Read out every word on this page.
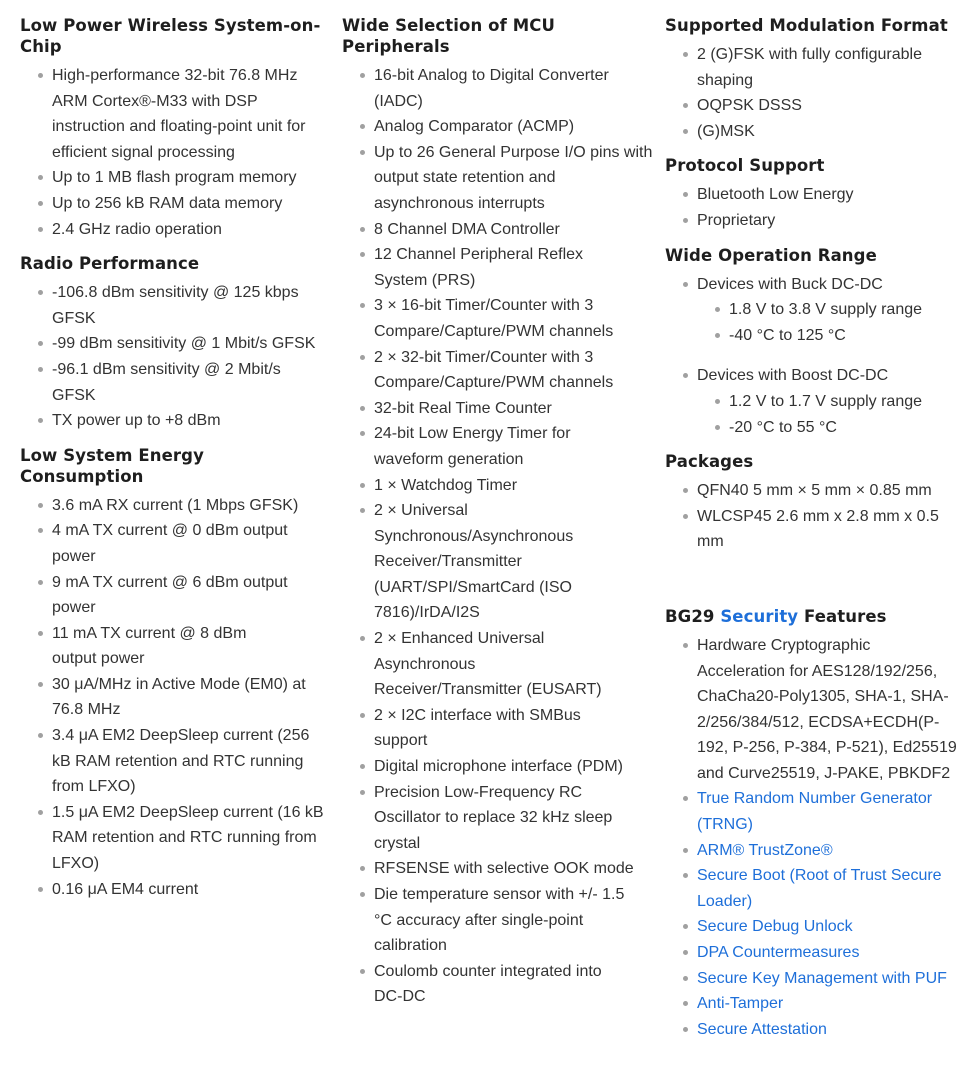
Low Power Wireless System-on-Chip
High-performance 32-bit 76.8 MHz ARM Cortex®-M33 with DSP instruction and floating-point unit for efficient signal processing
Up to 1 MB flash program memory
Up to 256 kB RAM data memory
2.4 GHz radio operation
Radio Performance
-106.8 dBm sensitivity @ 125 kbps GFSK
-99 dBm sensitivity @ 1 Mbit/s GFSK
-96.1 dBm sensitivity @ 2 Mbit/s GFSK
TX power up to +8 dBm
Low System Energy Consumption
3.6 mA RX current (1 Mbps GFSK)
4 mA TX current @ 0 dBm output power
9 mA TX current @ 6 dBm output power
11 mA TX current @ 8 dBm output power
30 μA/MHz in Active Mode (EM0) at 76.8 MHz
3.4 μA EM2 DeepSleep current (256 kB RAM retention and RTC running from LFXO)
1.5 μA EM2 DeepSleep current (16 kB RAM retention and RTC running from LFXO)
0.16 μA EM4 current
Wide Selection of MCU Peripherals
16-bit Analog to Digital Converter (IADC)
Analog Comparator (ACMP)
Up to 26 General Purpose I/O pins with output state retention and asynchronous interrupts
8 Channel DMA Controller
12 Channel Peripheral Reflex System (PRS)
3 × 16-bit Timer/Counter with 3 Compare/Capture/PWM channels
2 × 32-bit Timer/Counter with 3 Compare/Capture/PWM channels
32-bit Real Time Counter
24-bit Low Energy Timer for waveform generation
1 × Watchdog Timer
2 × Universal Synchronous/Asynchronous Receiver/Transmitter (UART/SPI/SmartCard (ISO 7816)/IrDA/I2S
2 × Enhanced Universal Asynchronous Receiver/Transmitter (EUSART)
2 × I2C interface with SMBus support
Digital microphone interface (PDM)
Precision Low-Frequency RC Oscillator to replace 32 kHz sleep crystal
RFSENSE with selective OOK mode
Die temperature sensor with +/- 1.5 °C accuracy after single-point calibration
Coulomb counter integrated into DC-DC
Supported Modulation Format
2 (G)FSK with fully configurable shaping
OQPSK DSSS
(G)MSK
Protocol Support
Bluetooth Low Energy
Proprietary
Wide Operation Range
Devices with Buck DC-DC
1.8 V to 3.8 V supply range
-40 °C to 125 °C
Devices with Boost DC-DC
1.2 V to 1.7 V supply range
-20 °C to 55 °C
Packages
QFN40 5 mm × 5 mm × 0.85 mm
WLCSP45 2.6 mm x 2.8 mm x 0.5 mm
BG29 Security Features
Hardware Cryptographic Acceleration for AES128/192/256, ChaCha20-Poly1305, SHA-1, SHA-2/256/384/512, ECDSA+ECDH(P-192, P-256, P-384, P-521), Ed25519 and Curve25519, J-PAKE, PBKDF2
True Random Number Generator (TRNG)
ARM® TrustZone®
Secure Boot (Root of Trust Secure Loader)
Secure Debug Unlock
DPA Countermeasures
Secure Key Management with PUF
Anti-Tamper
Secure Attestation
